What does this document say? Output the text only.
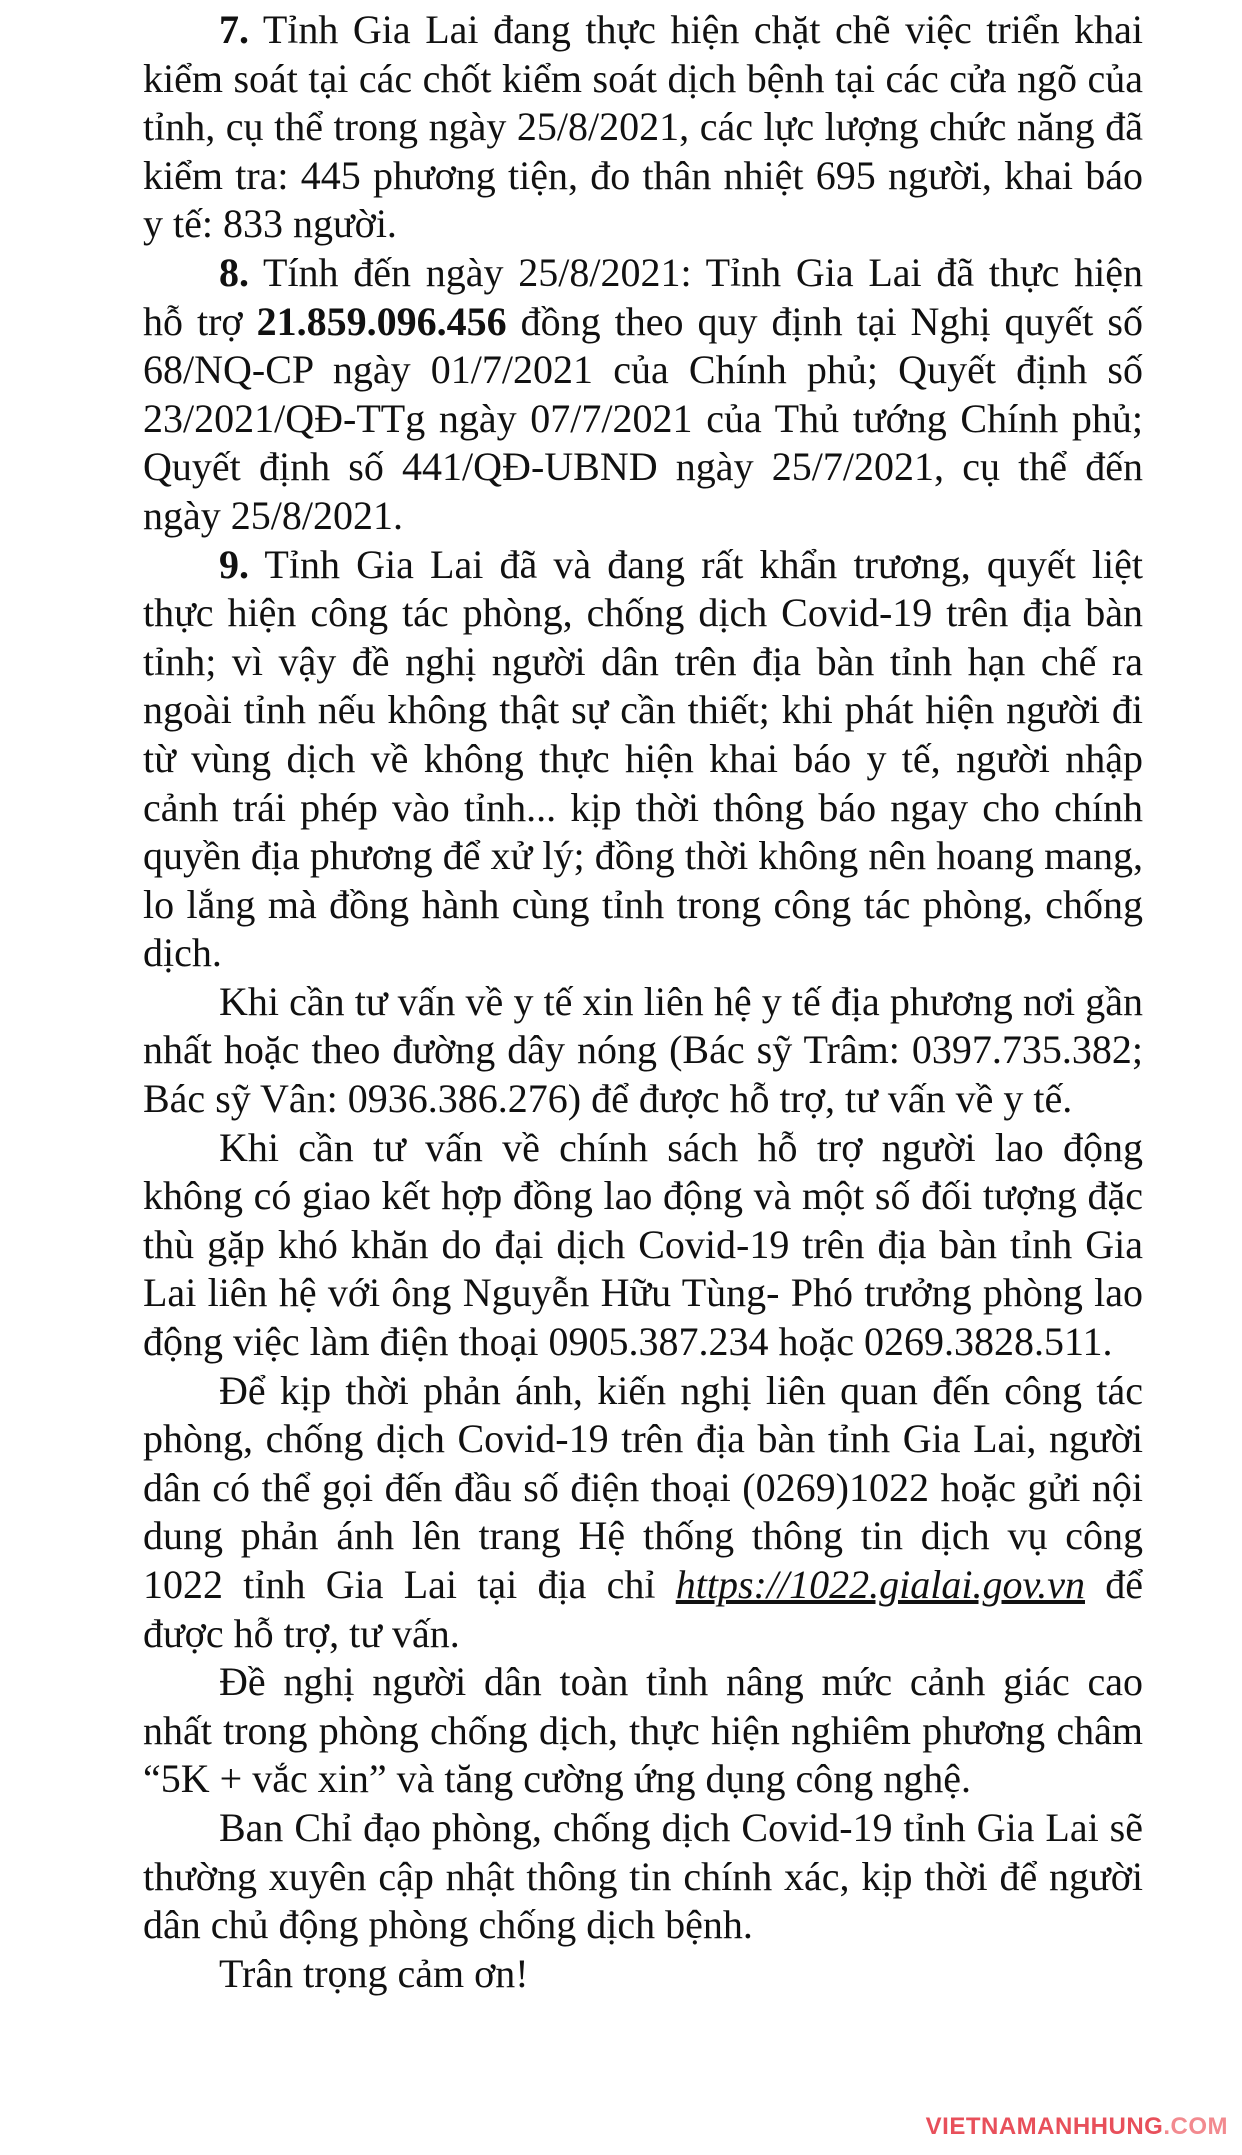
7. Tỉnh Gia Lai đang thực hiện chặt chẽ việc triển khai kiểm soát tại các chốt kiểm soát dịch bệnh tại các cửa ngõ của tỉnh, cụ thể trong ngày 25/8/2021, các lực lượng chức năng đã kiểm tra: 445 phương tiện, đo thân nhiệt 695 người, khai báo y tế: 833 người.

8. Tính đến ngày 25/8/2021: Tỉnh Gia Lai đã thực hiện hỗ trợ 21.859.096.456 đồng theo quy định tại Nghị quyết số 68/NQ-CP ngày 01/7/2021 của Chính phủ; Quyết định số 23/2021/QĐ-TTg ngày 07/7/2021 của Thủ tướng Chính phủ; Quyết định số 441/QĐ-UBND ngày 25/7/2021, cụ thể đến ngày 25/8/2021.

9. Tỉnh Gia Lai đã và đang rất khẩn trương, quyết liệt thực hiện công tác phòng, chống dịch Covid-19 trên địa bàn tỉnh; vì vậy đề nghị người dân trên địa bàn tỉnh hạn chế ra ngoài tỉnh nếu không thật sự cần thiết; khi phát hiện người đi từ vùng dịch về không thực hiện khai báo y tế, người nhập cảnh trái phép vào tỉnh... kịp thời thông báo ngay cho chính quyền địa phương để xử lý; đồng thời không nên hoang mang, lo lắng mà đồng hành cùng tỉnh trong công tác phòng, chống dịch.

Khi cần tư vấn về y tế xin liên hệ y tế địa phương nơi gần nhất hoặc theo đường dây nóng (Bác sỹ Trâm: 0397.735.382; Bác sỹ Vân: 0936.386.276) để được hỗ trợ, tư vấn về y tế.

Khi cần tư vấn về chính sách hỗ trợ người lao động không có giao kết hợp đồng lao động và một số đối tượng đặc thù gặp khó khăn do đại dịch Covid-19 trên địa bàn tỉnh Gia Lai liên hệ với ông Nguyễn Hữu Tùng- Phó trưởng phòng lao động việc làm điện thoại 0905.387.234 hoặc 0269.3828.511.

Để kịp thời phản ánh, kiến nghị liên quan đến công tác phòng, chống dịch Covid-19 trên địa bàn tỉnh Gia Lai, người dân có thể gọi đến đầu số điện thoại (0269)1022 hoặc gửi nội dung phản ánh lên trang Hệ thống thông tin dịch vụ công 1022 tỉnh Gia Lai tại địa chỉ https://1022.gialai.gov.vn để được hỗ trợ, tư vấn.

Đề nghị người dân toàn tỉnh nâng mức cảnh giác cao nhất trong phòng chống dịch, thực hiện nghiêm phương châm “5K + vắc xin” và tăng cường ứng dụng công nghệ.

Ban Chỉ đạo phòng, chống dịch Covid-19 tỉnh Gia Lai sẽ thường xuyên cập nhật thông tin chính xác, kịp thời để người dân chủ động phòng chống dịch bệnh.

Trân trọng cảm ơn!

VIETNAMANHHUNG.COM
